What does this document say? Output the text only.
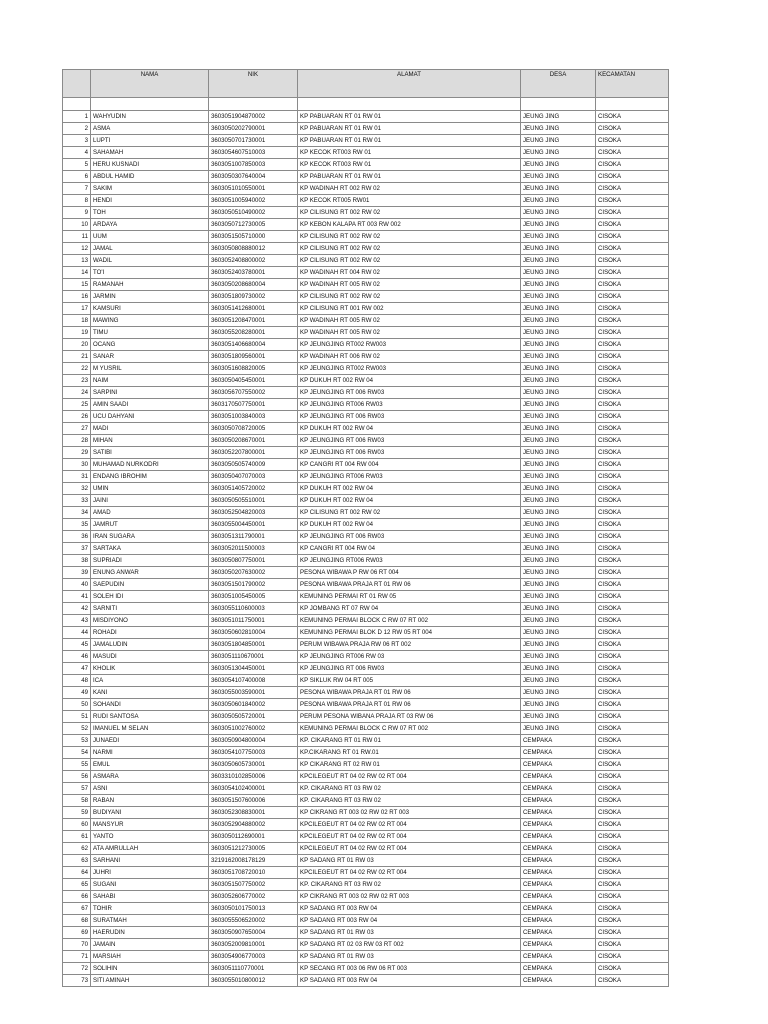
	NAMA	NIK	ALAMAT	DESA	KECAMATAN

1	WAHYUDIN	3603051904870002	KP PABUARAN RT 01 RW 01	JEUNG JING	CISOKA
2	ASMA	3603050202790001	KP PABUARAN RT 01 RW 01	JEUNG JING	CISOKA
3	LUPTI	3603050701730001	KP PABUARAN RT 01 RW 01	JEUNG JING	CISOKA
4	SAHAMAH	3603054607510003	KP KECOK RT003 RW 01	JEUNG JING	CISOKA
5	HERU KUSNADI	3603051007850003	KP KECOK RT003 RW 01	JEUNG JING	CISOKA
6	ABDUL HAMID	3603050307640004	KP PABUARAN RT 01 RW 01	JEUNG JING	CISOKA
7	SAKIM	3603051010550001	KP WADINAH RT 002 RW 02	JEUNG JING	CISOKA
8	HENDI	3603051005940002	KP KECOK RT005 RW01	JEUNG JING	CISOKA
9	TOH	3603050510490002	KP CILISUNG RT 002 RW 02	JEUNG JING	CISOKA
10	ARDAYA	3603050712730005	KP KEBON KALAPA RT 003 RW 002	JEUNG JING	CISOKA
11	UUM	3603051505710000	KP CILISUNG RT 002 RW 02	JEUNG JING	CISOKA
12	JAMAL	3603050808880012	KP CILISUNG RT 002 RW 02	JEUNG JING	CISOKA
13	WADIL	3603052408800002	KP CILISUNG RT 002 RW 02	JEUNG JING	CISOKA
14	TO'I	3603052403780001	KP WADINAH RT 004 RW 02	JEUNG JING	CISOKA
15	RAMANAH	3603050208680004	KP WADINAH RT 005 RW 02	JEUNG JING	CISOKA
16	JARMIN	3603051809730002	KP CILISUNG RT 002 RW 02	JEUNG JING	CISOKA
17	KAMSURI	3603051412680001	KP CILISUNG RT 001 RW 002	JEUNG JING	CISOKA
18	MAWING	3603051208470001	KP WADINAH RT 005 RW 02	JEUNG JING	CISOKA
19	TIMU	3603055208280001	KP WADINAH RT 005 RW 02	JEUNG JING	CISOKA
20	OCANG	3603051406680004	KP JEUNGJING RT002 RW003	JEUNG JING	CISOKA
21	SANAR	3603051809560001	KP WADINAH RT 006 RW 02	JEUNG JING	CISOKA
22	M YUSRIL	3603051608820005	KP JEUNGJING RT002 RW003	JEUNG JING	CISOKA
23	NAIM	3603050405450001	KP DUKUH RT 002 RW 04	JEUNG JING	CISOKA
24	SARPINI	3603056707550002	KP JEUNGJING RT 006 RW03	JEUNG JING	CISOKA
25	AMIN SAADI	3603170507750001	KP JEUNGJING RT006 RW03	JEUNG JING	CISOKA
26	UCU DAHYANI	3603051003840003	KP JEUNGJING RT 006 RW03	JEUNG JING	CISOKA
27	MADI	3603050708720005	KP DUKUH RT 002 RW 04	JEUNG JING	CISOKA
28	MIHAN	3603050208670001	KP JEUNGJING RT 006 RW03	JEUNG JING	CISOKA
29	SATIBI	3603052207800001	KP JEUNGJING RT 006 RW03	JEUNG JING	CISOKA
30	MUHAMAD NURKODRI	3603050505740009	KP CANGRI RT 004 RW 004	JEUNG JING	CISOKA
31	ENDANG IBROHIM	3603050407070003	KP JEUNGJING RT006 RW03	JEUNG JING	CISOKA
32	UMIN	3603051405720002	KP DUKUH RT 002 RW 04	JEUNG JING	CISOKA
33	JAINI	3603050505510001	KP DUKUH RT 002 RW 04	JEUNG JING	CISOKA
34	AMAD	3603052504820003	KP CILISUNG RT 002 RW 02	JEUNG JING	CISOKA
35	JAMRUT	3603055004450001	KP DUKUH RT 002 RW 04	JEUNG JING	CISOKA
36	IRAN SUGARA	3603051311790001	KP JEUNGJING RT 006 RW03	JEUNG JING	CISOKA
37	SARTAKA	3603052011500003	KP CANGRI RT 004 RW 04	JEUNG JING	CISOKA
38	SUPRIADI	3603050807750001	KP JEUNGJING RT006 RW03	JEUNG JING	CISOKA
39	ENUNG ANWAR	3603050207630002	PESONA WIBAWA P RW 06 RT 004	JEUNG JING	CISOKA
40	SAEPUDIN	3603051501790002	PESONA WIBAWA PRAJA RT 01 RW 06	JEUNG JING	CISOKA
41	SOLEH IDI	3603051005450005	KEMUNING PERMAI RT 01 RW 05	JEUNG JING	CISOKA
42	SARNITI	3603055110600003	KP JOMBANG RT 07 RW 04	JEUNG JING	CISOKA
43	MISDIYONO	3603051011750001	KEMUNING PERMAI BLOCK C RW 07 RT 002	JEUNG JING	CISOKA
44	ROHADI	3603050602810004	KEMUNING PERMAI BLOK D 12 RW 05 RT 004	JEUNG JING	CISOKA
45	JAMALUDIN	3603051804850001	PERUM WIBAWA PRAJA RW 06 RT 002	JEUNG JING	CISOKA
46	MASUDI	3603051110670001	KP JEUNGJING RT006 RW 03	JEUNG JING	CISOKA
47	KHOLIK	3603051304450001	KP JEUNGJING RT 006 RW03	JEUNG JING	CISOKA
48	ICA	3603054107400008	KP SIKLUK RW 04 RT 005	JEUNG JING	CISOKA
49	KANI	3603055003590001	PESONA WIBAWA PRAJA RT 01 RW 06	JEUNG JING	CISOKA
50	SOHANDI	3603050601840002	PESONA WIBAWA PRAJA RT 01 RW 06	JEUNG JING	CISOKA
51	RUDI SANTOSA	3603050505720001	PERUM PESONA WIBANA PRAJA RT 03 RW 06	JEUNG JING	CISOKA
52	IMANUEL M SELAN	3603051002760002	KEMUNING PERMAI BLOCK C RW 07 RT 002	JEUNG JING	CISOKA
53	JUNAEDI	3603050904800004	KP. CIKARANG RT 01 RW 01	CEMPAKA	CISOKA
54	NARMI	3603054107750003	KP.CIKARANG RT 01 RW.01	CEMPAKA	CISOKA
55	EMUL	3603050605730001	KP CIKARANG RT 02 RW 01	CEMPAKA	CISOKA
56	ASMARA	3603310102850006	KPCILEGEUT RT 04 02 RW 02 RT 004	CEMPAKA	CISOKA
57	ASNI	3603054102400001	KP. CIKARANG RT 03 RW 02	CEMPAKA	CISOKA
58	RABAN	3603051507600006	KP. CIKARANG RT 03 RW 02	CEMPAKA	CISOKA
59	BUDIYANI	3603052308830001	KP CIKRANG RT 003 02 RW 02 RT 003	CEMPAKA	CISOKA
60	MANSYUR	3603052904880002	KPCILEGEUT RT 04 02 RW 02 RT 004	CEMPAKA	CISOKA
61	YANTO	3603050112690001	KPCILEGEUT RT 04 02 RW 02 RT 004	CEMPAKA	CISOKA
62	ATA AMRULLAH	3603051212730005	KPCILEGEUT RT 04 02 RW 02 RT 004	CEMPAKA	CISOKA
63	SARHANI	3219162008178129	KP SADANG RT 01 RW 03	CEMPAKA	CISOKA
64	JUHRI	3603051708720010	KPCILEGEUT RT 04 02 RW 02 RT 004	CEMPAKA	CISOKA
65	SUGANI	3603051507750002	KP. CIKARANG RT 03 RW 02	CEMPAKA	CISOKA
66	SAHABI	3603052606770002	KP CIKRANG RT 003 02 RW 02 RT 003	CEMPAKA	CISOKA
67	TOHIR	3603050101750013	KP SADANG RT 003 RW 04	CEMPAKA	CISOKA
68	SURATMAH	3603055506520002	KP SADANG RT 003 RW 04	CEMPAKA	CISOKA
69	HAERUDIN	3603050907650004	KP SADANG RT 01 RW 03	CEMPAKA	CISOKA
70	JAMAIN	3603052009810001	KP SADANG RT 02 03 RW 03 RT 002	CEMPAKA	CISOKA
71	MARSIAH	3603054906770003	KP SADANG RT 01 RW 03	CEMPAKA	CISOKA
72	SOLIHIN	3603051110770001	KP SECANG RT 003 06 RW 06 RT 003	CEMPAKA	CISOKA
73	SITI AMINAH	3603055010800012	KP SADANG RT 003 RW 04	CEMPAKA	CISOKA
